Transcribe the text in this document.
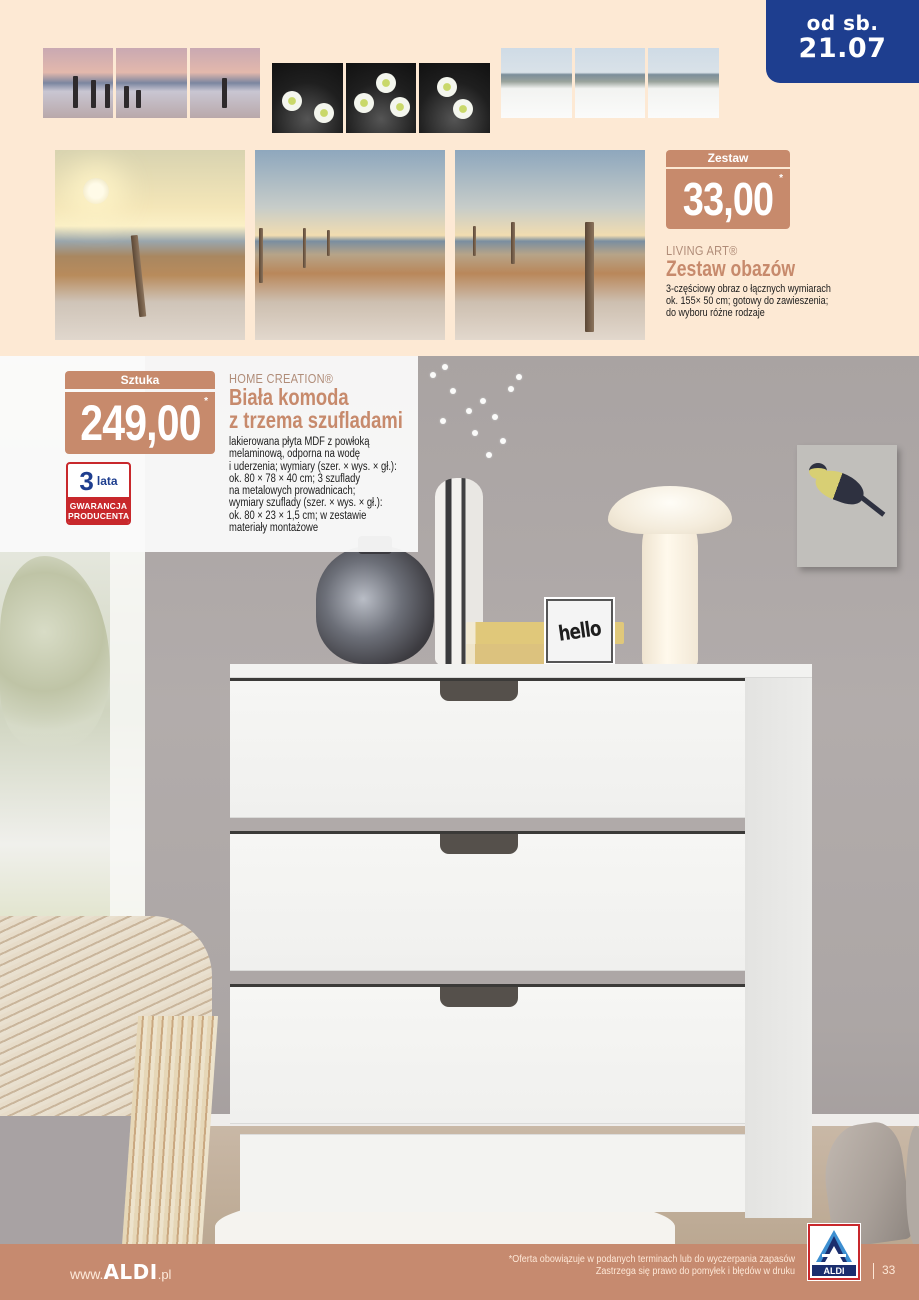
Zestaw
33,00 *
LIVING ART®
Zestaw obazów
3-częściowy obraz o łącznych wymiarach
ok. 155× 50 cm; gotowy do zawieszenia;
do wyboru różne rodzaje
od sb.
21.07
hello
Sztuka
249,00 *
3 lata
GWARANCJA
PRODUCENTA
HOME CREATION®
Biała komoda
z trzema szufladami
lakierowana płyta MDF z powłoką
melaminową, odporna na wodę
i uderzenia; wymiary (szer. × wys. × gł.):
ok. 80 × 78 × 40 cm; 3 szuflady
na metalowych prowadnicach;
wymiary szuflady (szer. × wys. × gł.):
ok. 80 × 23 × 1,5 cm; w zestawie
materiały montażowe
www. ALDI .pl
*Oferta obowiązuje w podanych terminach lub do wyczerpania zapasów
Zastrzega się prawo do pomyłek i błędów w druku	ALDI	33
